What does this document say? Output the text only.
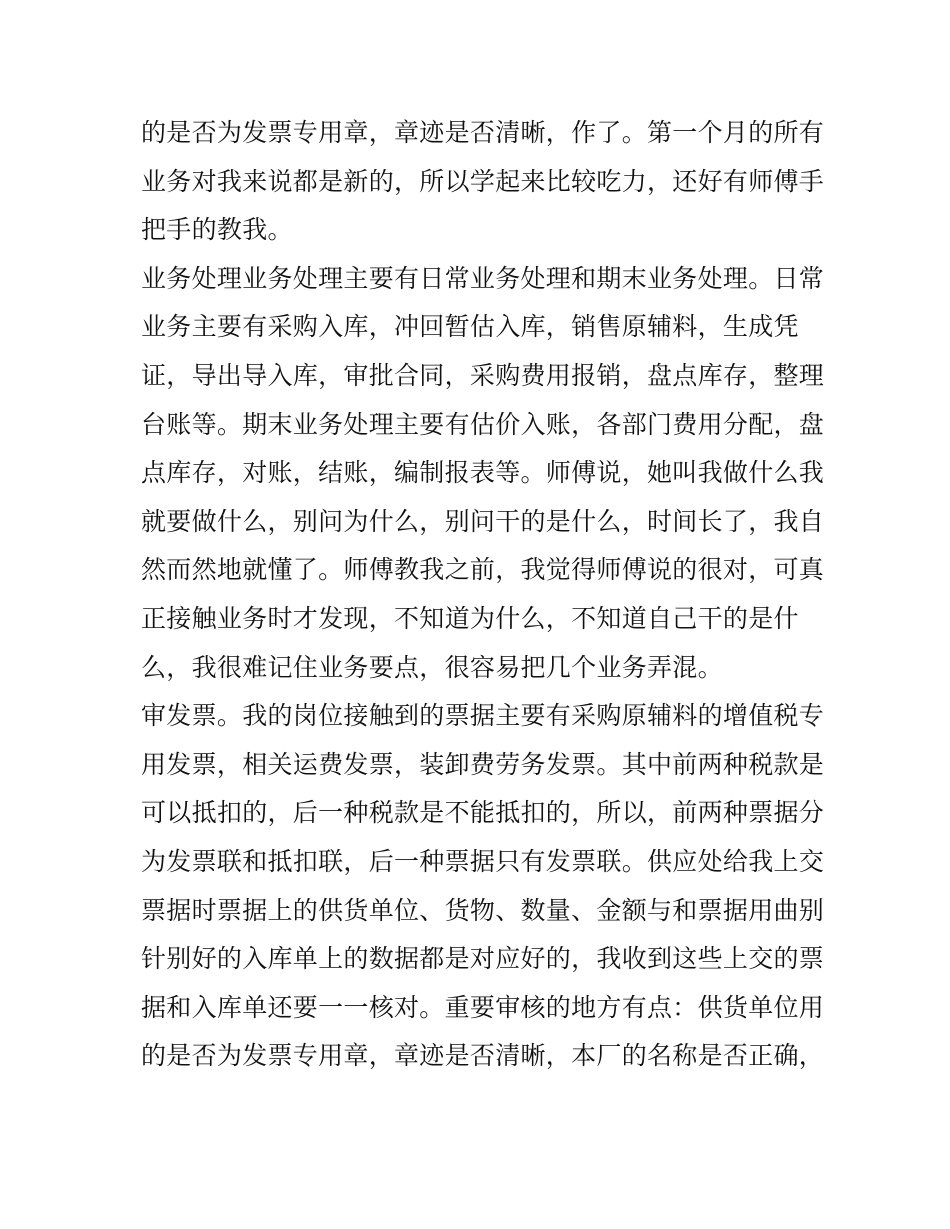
的是否为发票专用章，章迹是否清晰，作了。第一个月的所有
业务对我来说都是新的，所以学起来比较吃力，还好有师傅手
把手的教我。
业务处理业务处理主要有日常业务处理和期末业务处理。日常
业务主要有采购入库，冲回暂估入库，销售原辅料，生成凭
证，导出导入库，审批合同，采购费用报销，盘点库存，整理
台账等。期末业务处理主要有估价入账，各部门费用分配，盘
点库存，对账，结账，编制报表等。师傅说，她叫我做什么我
就要做什么，别问为什么，别问干的是什么，时间长了，我自
然而然地就懂了。师傅教我之前，我觉得师傅说的很对，可真
正接触业务时才发现，不知道为什么，不知道自己干的是什
么，我很难记住业务要点，很容易把几个业务弄混。
审发票。我的岗位接触到的票据主要有采购原辅料的增值税专
用发票，相关运费发票，装卸费劳务发票。其中前两种税款是
可以抵扣的，后一种税款是不能抵扣的，所以，前两种票据分
为发票联和抵扣联，后一种票据只有发票联。供应处给我上交
票据时票据上的供货单位、货物、数量、金额与和票据用曲别
针别好的入库单上的数据都是对应好的，我收到这些上交的票
据和入库单还要一一核对。重要审核的地方有点：供货单位用
的是否为发票专用章，章迹是否清晰，本厂的名称是否正确，
